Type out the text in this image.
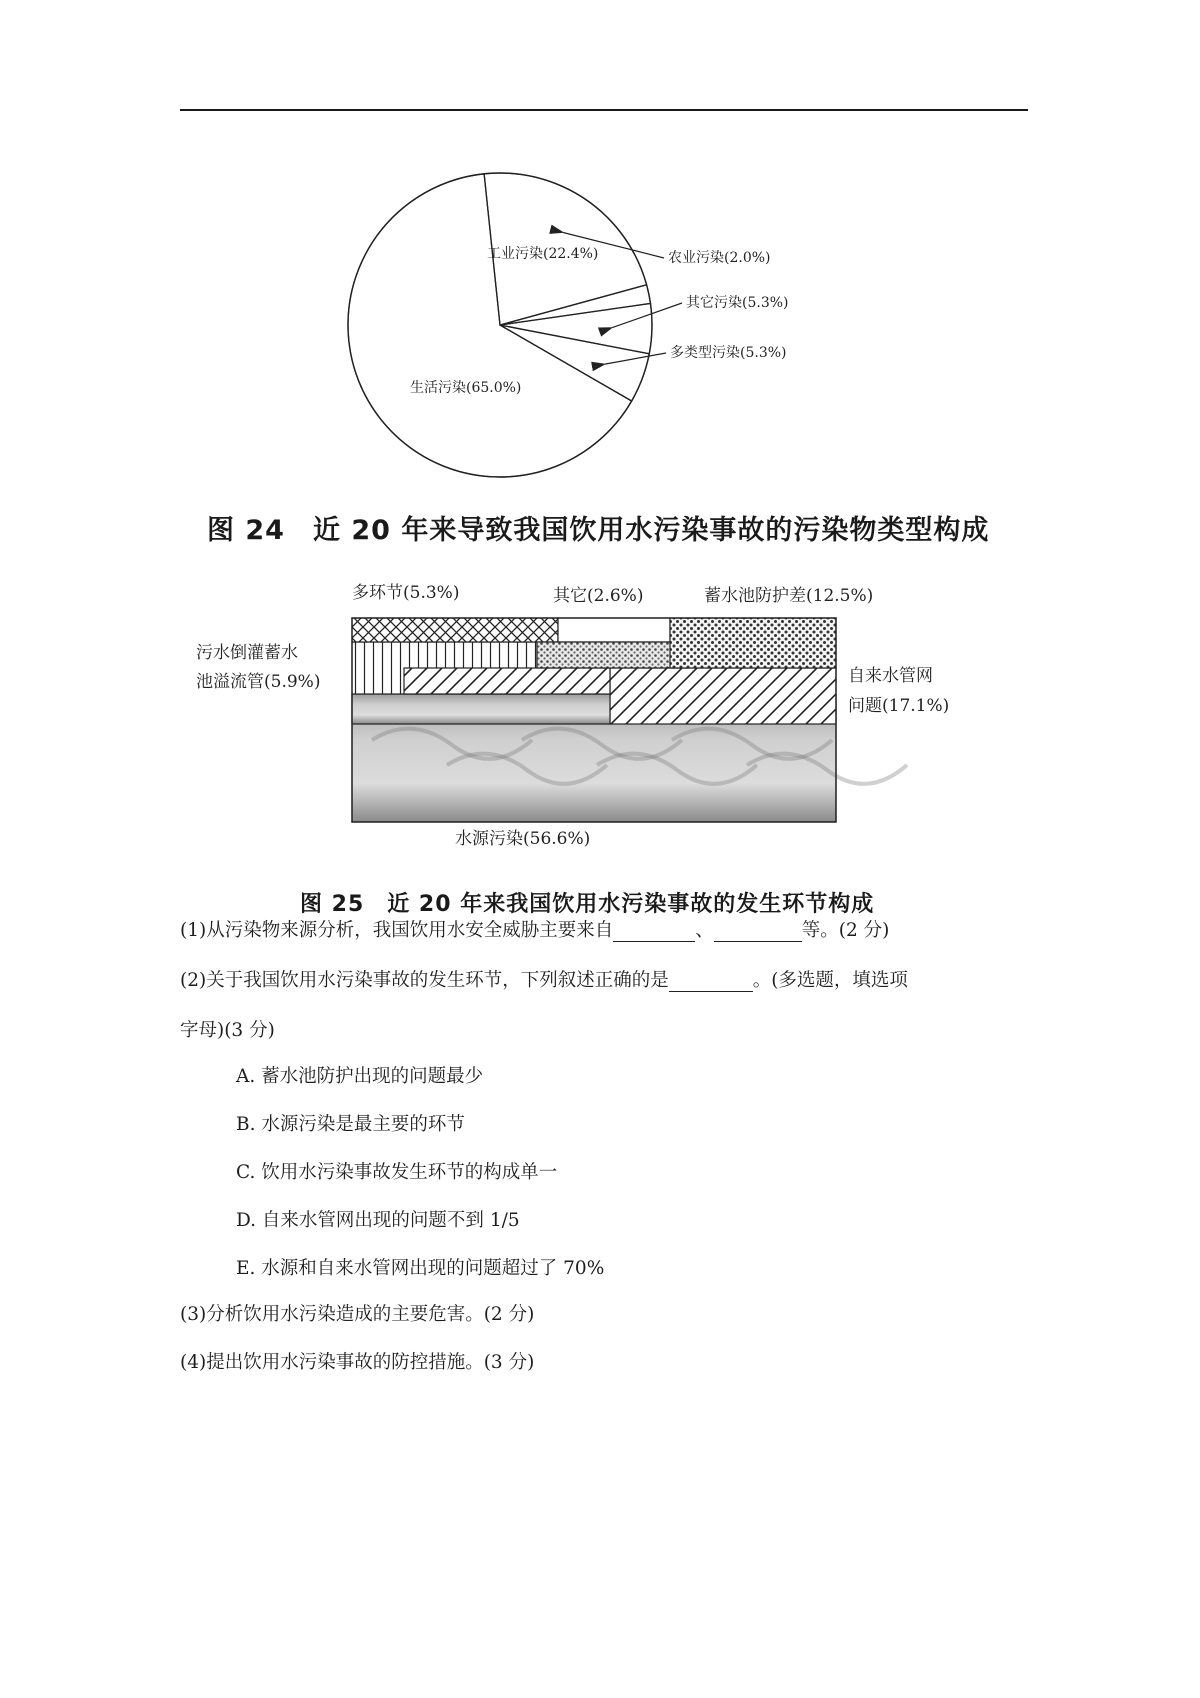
工业污染(22.4%)	农业污染(2.0%)
其它污染(5.3%)
多类型污染(5.3%)
生活污染(65.0%)
图 24　近 20 年来导致我国饮用水污染事故的污染物类型构成
多环节(5.3%)	其它(2.6%)	蓄水池防护差(12.5%)
污水倒灌蓄水
池溢流管(5.9%)	自来水管网
问题(17.1%)
水源污染(56.6%)
图 25　近 20 年来我国饮用水污染事故的发生环节构成
(1)从污染物来源分析，我国饮用水安全威胁主要来自	、	等。(2 分)
(2)关于我国饮用水污染事故的发生环节，下列叙述正确的是	。(多选题，填选项
字母)(3 分)
A. 蓄水池防护出现的问题最少
B. 水源污染是最主要的环节
C. 饮用水污染事故发生环节的构成单一
D. 自来水管网出现的问题不到 1/5
E. 水源和自来水管网出现的问题超过了 70%
(3)分析饮用水污染造成的主要危害。(2 分)
(4)提出饮用水污染事故的防控措施。(3 分)
